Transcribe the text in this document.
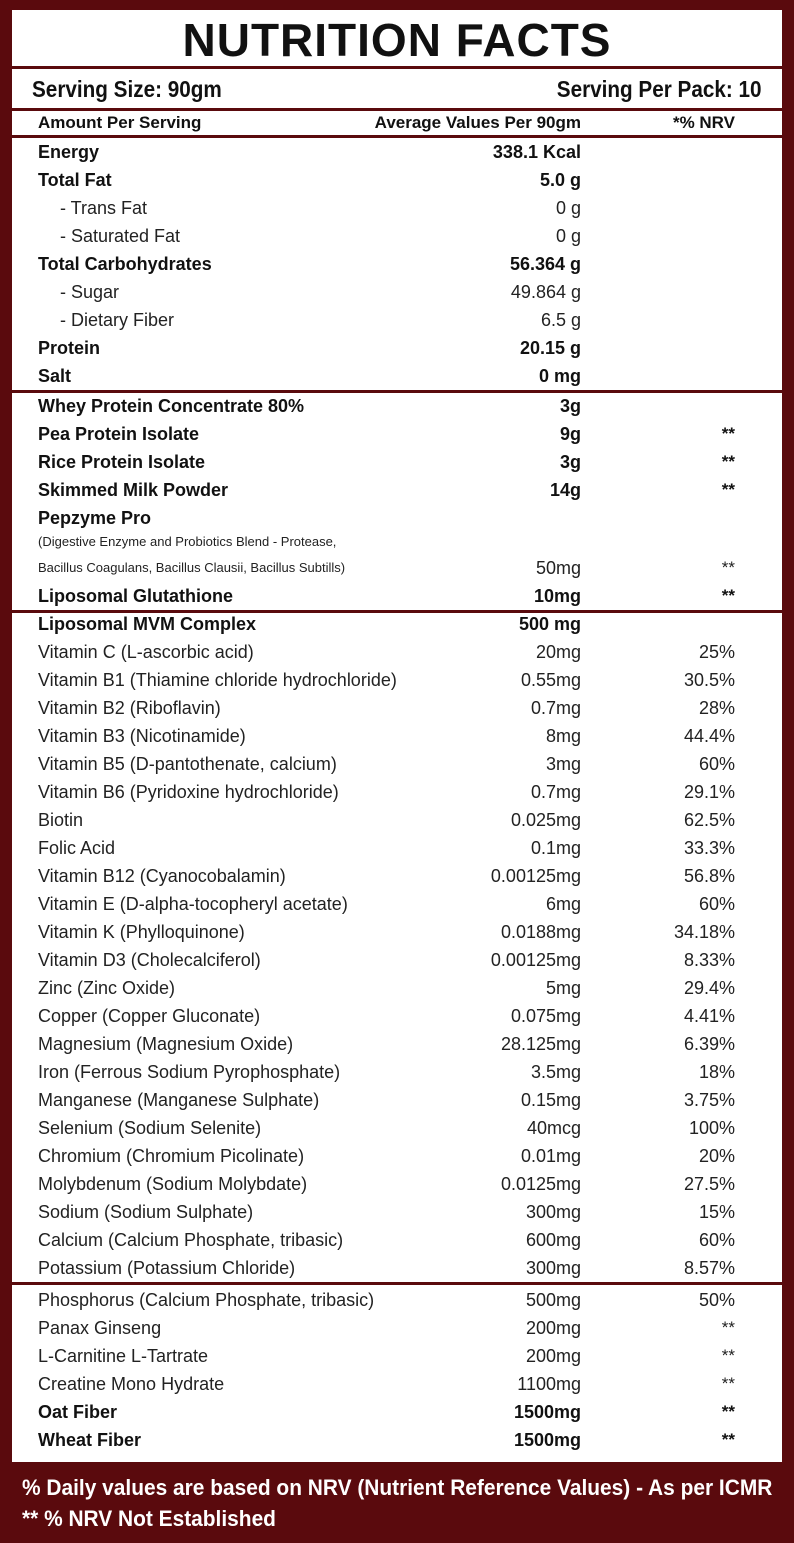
NUTRITION FACTS
Serving Size: 90gm	Serving Per Pack: 10
Amount Per Serving	Average Values Per 90gm	*% NRV
Energy	338.1 Kcal
Total Fat	5.0 g
- Trans Fat	0 g
- Saturated Fat	0 g
Total Carbohydrates	56.364 g
- Sugar	49.864 g
- Dietary Fiber	6.5 g
Protein	20.15 g
Salt	0 mg
Whey Protein Concentrate 80%	3g
Pea Protein Isolate	9g	**
Rice Protein Isolate	3g	**
Skimmed Milk Powder	14g	**
Pepzyme Pro
(Digestive Enzyme and Probiotics Blend - Protease,
Bacillus Coagulans, Bacillus Clausii, Bacillus Subtills)	50mg	**
Liposomal Glutathione	10mg	**
Liposomal MVM Complex	500 mg
Vitamin C (L-ascorbic acid)	20mg	25%
Vitamin B1 (Thiamine chloride hydrochloride)	0.55mg	30.5%
Vitamin B2 (Riboflavin)	0.7mg	28%
Vitamin B3 (Nicotinamide)	8mg	44.4%
Vitamin B5 (D-pantothenate, calcium)	3mg	60%
Vitamin B6 (Pyridoxine hydrochloride)	0.7mg	29.1%
Biotin	0.025mg	62.5%
Folic Acid	0.1mg	33.3%
Vitamin B12 (Cyanocobalamin)	0.00125mg	56.8%
Vitamin E (D-alpha-tocopheryl acetate)	6mg	60%
Vitamin K (Phylloquinone)	0.0188mg	34.18%
Vitamin D3 (Cholecalciferol)	0.00125mg	8.33%
Zinc (Zinc Oxide)	5mg	29.4%
Copper (Copper Gluconate)	0.075mg	4.41%
Magnesium (Magnesium Oxide)	28.125mg	6.39%
Iron (Ferrous Sodium Pyrophosphate)	3.5mg	18%
Manganese (Manganese Sulphate)	0.15mg	3.75%
Selenium (Sodium Selenite)	40mcg	100%
Chromium (Chromium Picolinate)	0.01mg	20%
Molybdenum (Sodium Molybdate)	0.0125mg	27.5%
Sodium (Sodium Sulphate)	300mg	15%
Calcium (Calcium Phosphate, tribasic)	600mg	60%
Potassium (Potassium Chloride)	300mg	8.57%
Phosphorus (Calcium Phosphate, tribasic)	500mg	50%
Panax Ginseng	200mg	**
L-Carnitine L-Tartrate	200mg	**
Creatine Mono Hydrate	1100mg	**
Oat Fiber	1500mg	**
Wheat Fiber	1500mg	**
% Daily values are based on NRV (Nutrient Reference Values) - As per ICMR
** % NRV Not Established
